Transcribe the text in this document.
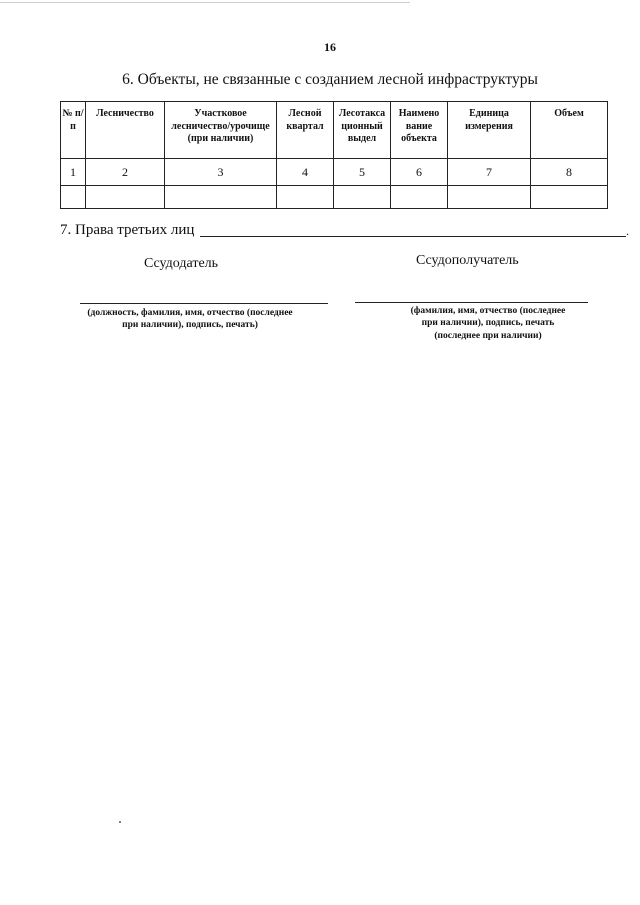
16
6. Объекты, не связанные с созданием лесной инфраструктуры
№ п/п	Лесничество	Участковое лесничество/урочище (при наличии)	Лесной квартал	Лесотакса ционный выдел	Наимено вание объекта	Единица измерения	Объем
1	2	3	4	5	6	7	8

7. Права третьих лиц	.
Ссудодатель
(должность, фамилия, имя, отчество (последнее
при наличии), подпись, печать)
Ссудополучатель
(фамилия, имя, отчество (последнее
при наличии), подпись, печать
(последнее при наличии)
